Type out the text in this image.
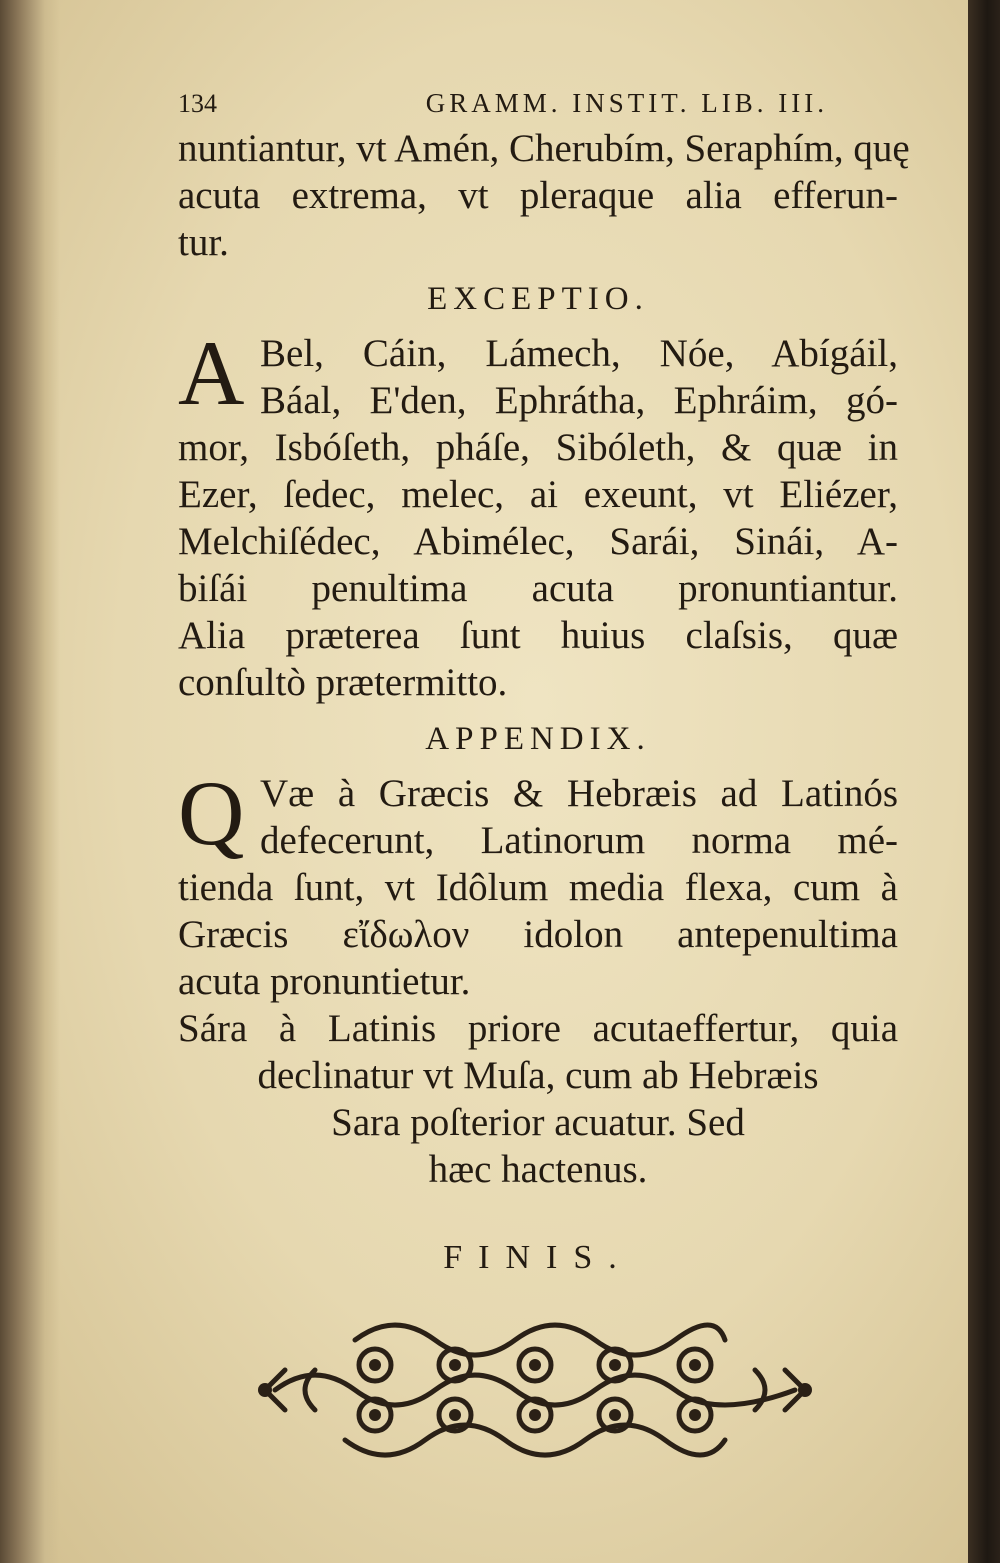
134	GRAMM. INSTIT. LIB. III.
nuntiantur, vt Amén, Cherubím, Seraphím, quę
acuta extrema, vt pleraque alia efferun-
tur.
EXCEPTIO.
A Bel, Cáin, Lámech, Nóe, Abígáil,
Báal, E'den, Ephrátha, Ephráim, gó-
mor, Isbóſeth, pháſe, Sibóleth, & quæ in
Ezer, ſedec, melec, ai exeunt, vt Eliézer,
Melchiſédec, Abimélec, Sarái, Sinái, A-
biſái penultima acuta pronuntiantur.
Alia prætereа ſunt huius claſsis, quæ
conſultò prætermitto.
APPENDIX.
Q Væ à Græcis & Hebræis ad Latinós
defecerunt, Latinorum norma mé-
tienda ſunt, vt Idôlum media flexa, cum à
Græcis εἴδωλον idolon antepenultima
acuta pronuntietur.
Sára à Latinis priore acutaeffertur, quia
declinatur vt Muſa, cum ab Hebræis
Sara poſterior acuatur. Sed
hæc hactenus.
FINIS.
